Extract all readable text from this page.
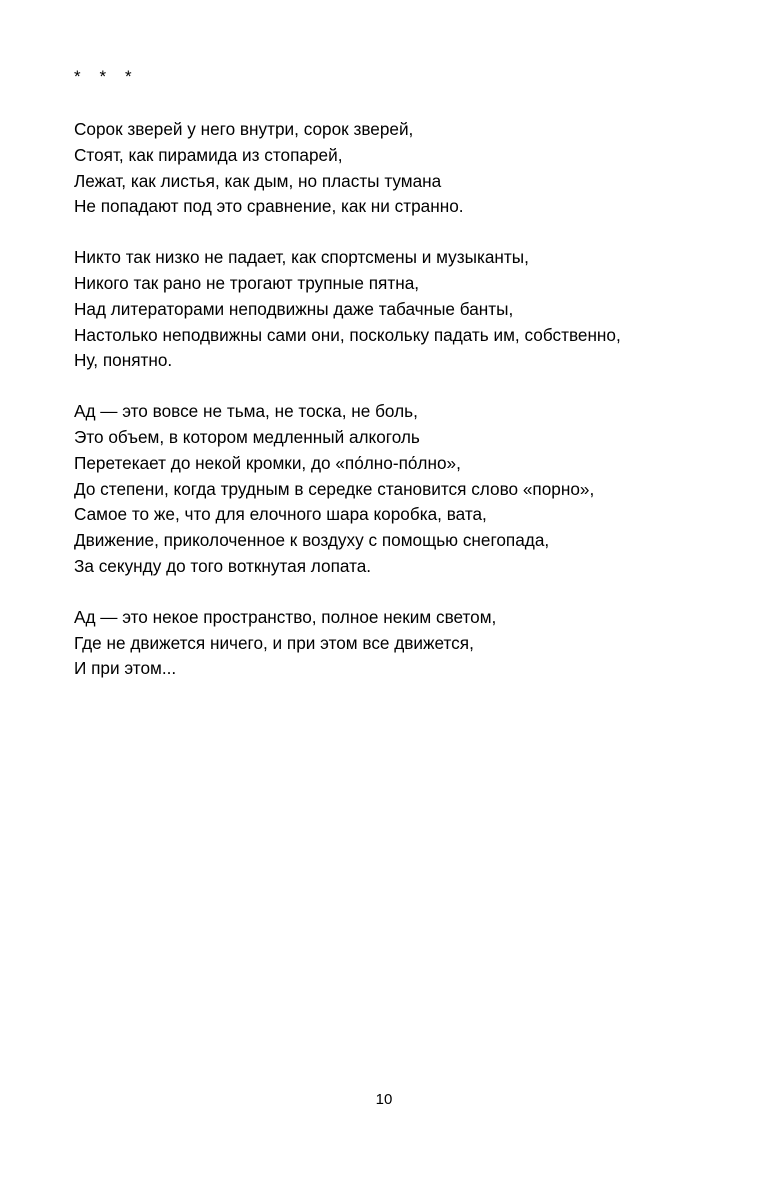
*    *    *
Сорок зверей у него внутри, сорок зверей,
Стоят, как пирамида из стопарей,
Лежат, как листья, как дым, но пласты тумана
Не попадают под это сравнение, как ни странно.
Никто так низко не падает, как спортсмены и музыканты,
Никого так рано не трогают трупные пятна,
Над литераторами неподвижны даже табачные банты,
Настолько неподвижны сами они, поскольку падать им, собственно,
Ну, понятно.
Ад — это вовсе не тьма, не тоска, не боль,
Это объем, в котором медленный алкоголь
Перетекает до некой кромки, до «по́лно-по́лно»,
До степени, когда трудным в середке становится слово «порно»,
Самое то же, что для елочного шара коробка, вата,
Движение, приколоченное к воздуху с помощью снегопада,
За секунду до того воткнутая лопата.
Ад — это некое пространство, полное неким светом,
Где не движется ничего, и при этом все движется,
И при этом...
10
